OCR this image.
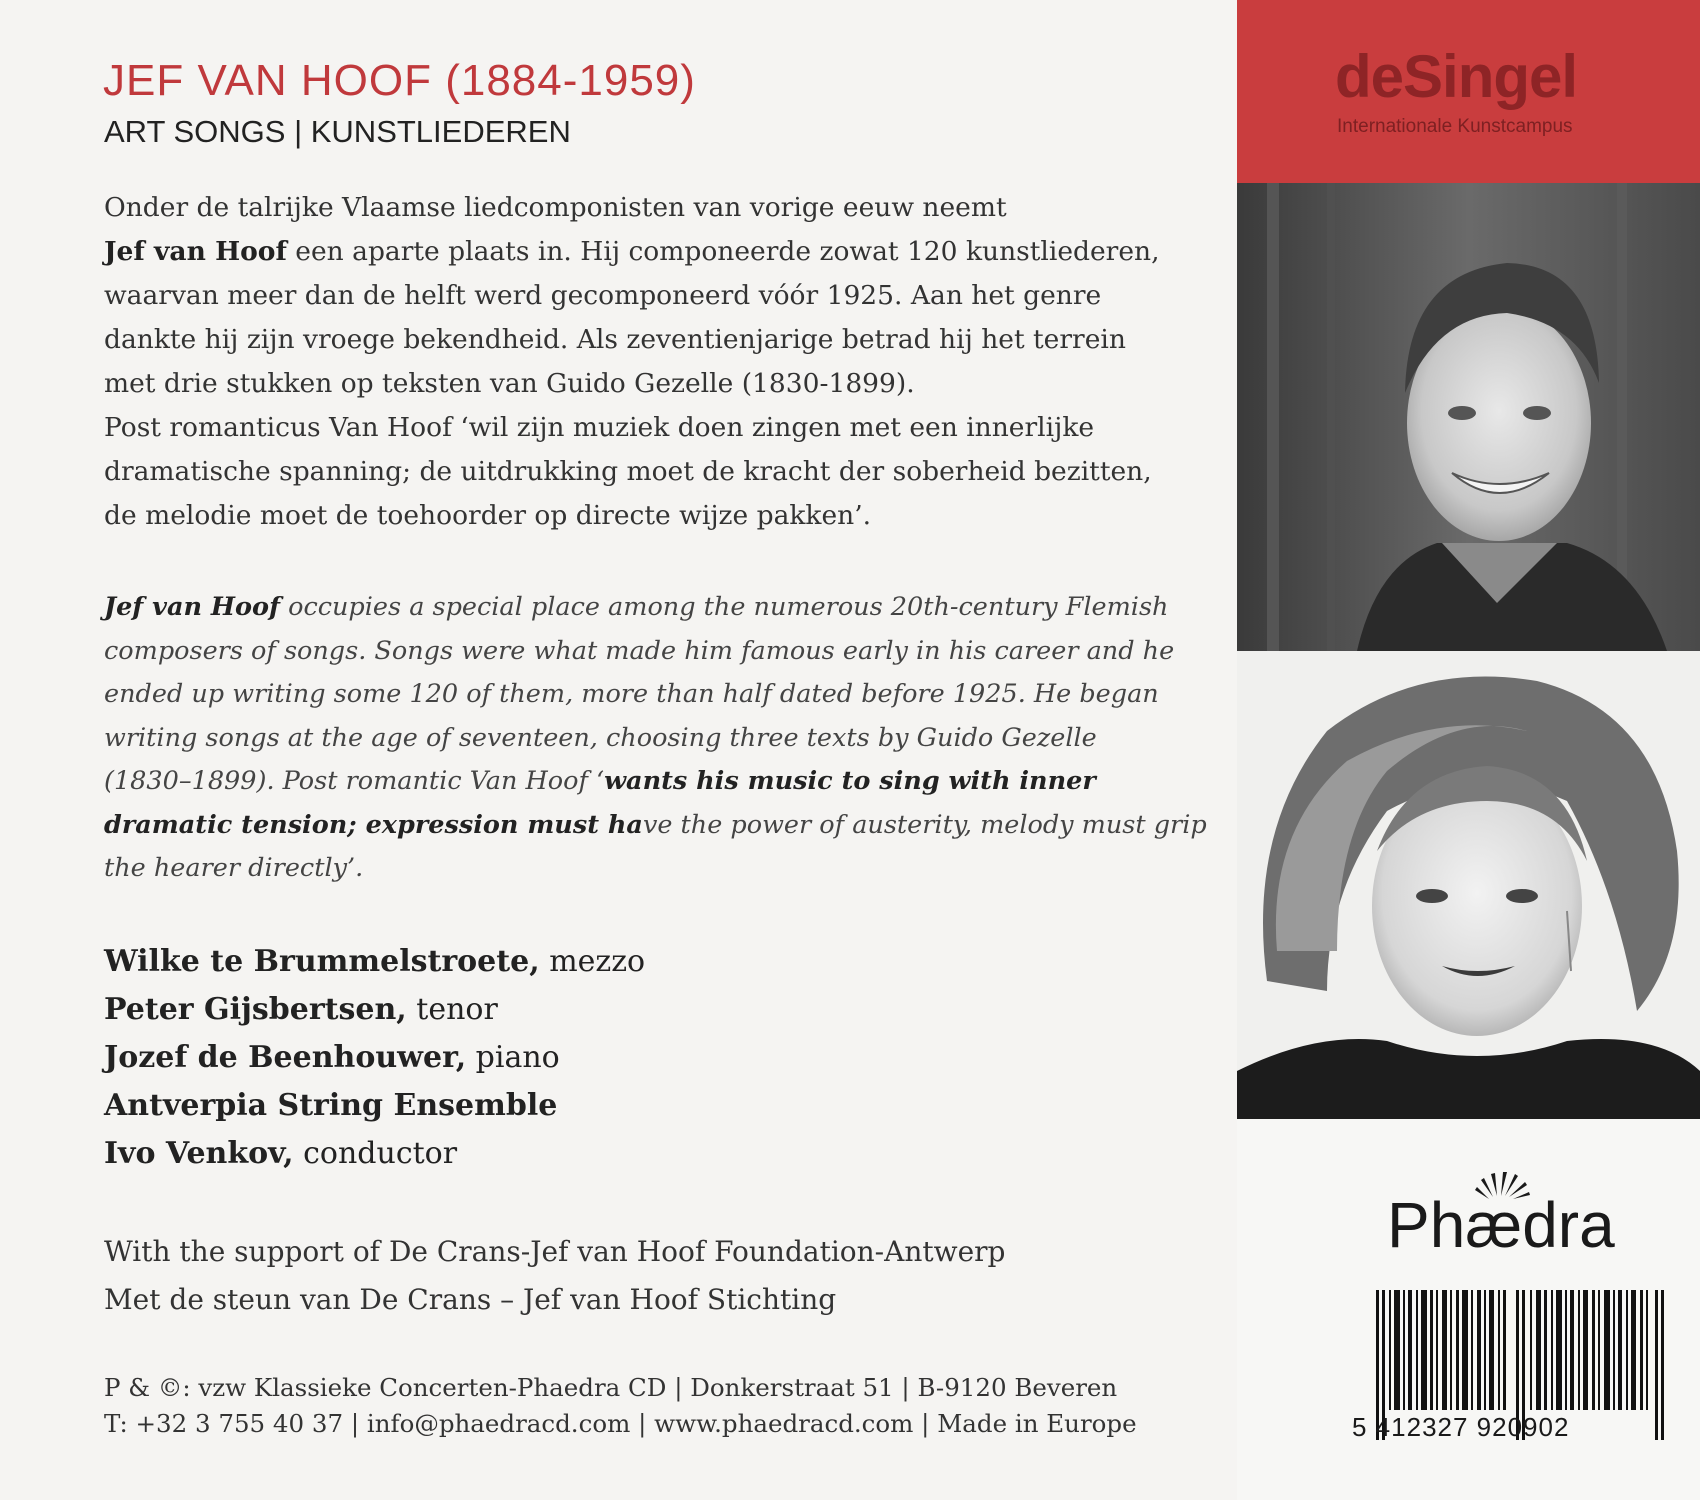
JEF VAN HOOF (1884-1959)
ART SONGS | KUNSTLIEDEREN
Onder de talrijke Vlaamse liedcomponisten van vorige eeuw neemt
Jef van Hoof een aparte plaats in. Hij componeerde zowat 120 kunstliederen,
waarvan meer dan de helft werd gecomponeerd vóór 1925. Aan het genre
dankte hij zijn vroege bekendheid. Als zeventienjarige betrad hij het terrein
met drie stukken op teksten van Guido Gezelle (1830-1899).
Post romanticus Van Hoof ‘wil zijn muziek doen zingen met een innerlijke
dramatische spanning; de uitdrukking moet de kracht der soberheid bezitten,
de melodie moet de toehoorder op directe wijze pakken’.
Jef van Hoof occupies a special place among the numerous 20th-century Flemish
composers of songs. Songs were what made him famous early in his career and he
ended up writing some 120 of them, more than half dated before 1925. He began
writing songs at the age of seventeen, choosing three texts by Guido Gezelle
(1830–1899). Post romantic Van Hoof ‘wants his music to sing with inner
dramatic tension; expression must have the power of austerity, melody must grip
the hearer directly’.
Wilke te Brummelstroete, mezzo
Peter Gijsbertsen, tenor
Jozef de Beenhouwer, piano
Antverpia String Ensemble
Ivo Venkov, conductor
With the support of De Crans-Jef van Hoof Foundation-Antwerp
Met de steun van De Crans – Jef van Hoof Stichting
P & ©: vzw Klassieke Concerten-Phaedra CD | Donkerstraat 51 | B-9120 Beveren
T: +32 3 755 40 37 | info@phaedracd.com | www.phaedracd.com | Made in Europe
deSingel
Internationale Kunstcampus
Phædra
5 412327 920902
